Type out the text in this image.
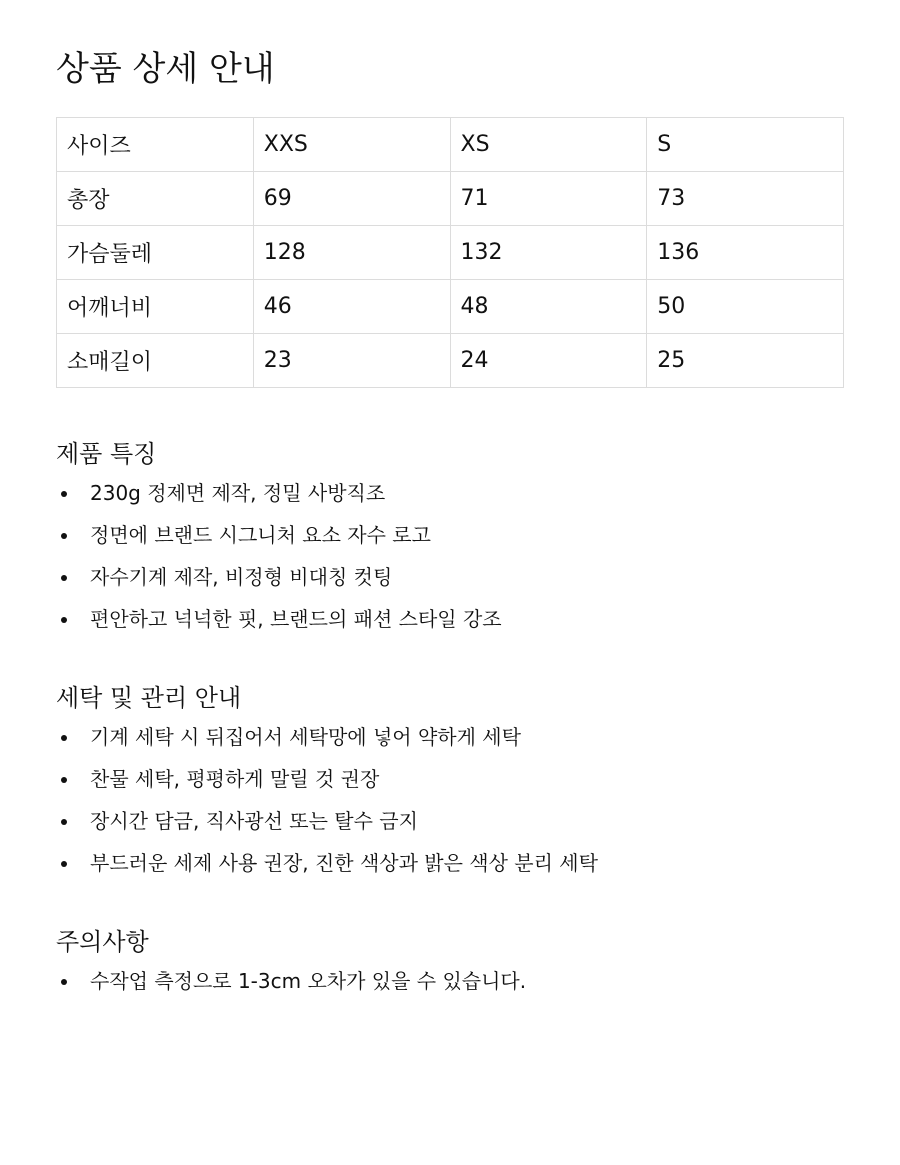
상품 상세 안내
사이즈	XXS	XS	S
총장	69	71	73
가슴둘레	128	132	136
어깨너비	46	48	50
소매길이	23	24	25
제품 특징
230g 정제면 제작, 정밀 사방직조
정면에 브랜드 시그니처 요소 자수 로고
자수기계 제작, 비정형 비대칭 컷팅
편안하고 넉넉한 핏, 브랜드의 패션 스타일 강조
세탁 및 관리 안내
기계 세탁 시 뒤집어서 세탁망에 넣어 약하게 세탁
찬물 세탁, 평평하게 말릴 것 권장
장시간 담금, 직사광선 또는 탈수 금지
부드러운 세제 사용 권장, 진한 색상과 밝은 색상 분리 세탁
주의사항
수작업 측정으로 1-3cm 오차가 있을 수 있습니다.
